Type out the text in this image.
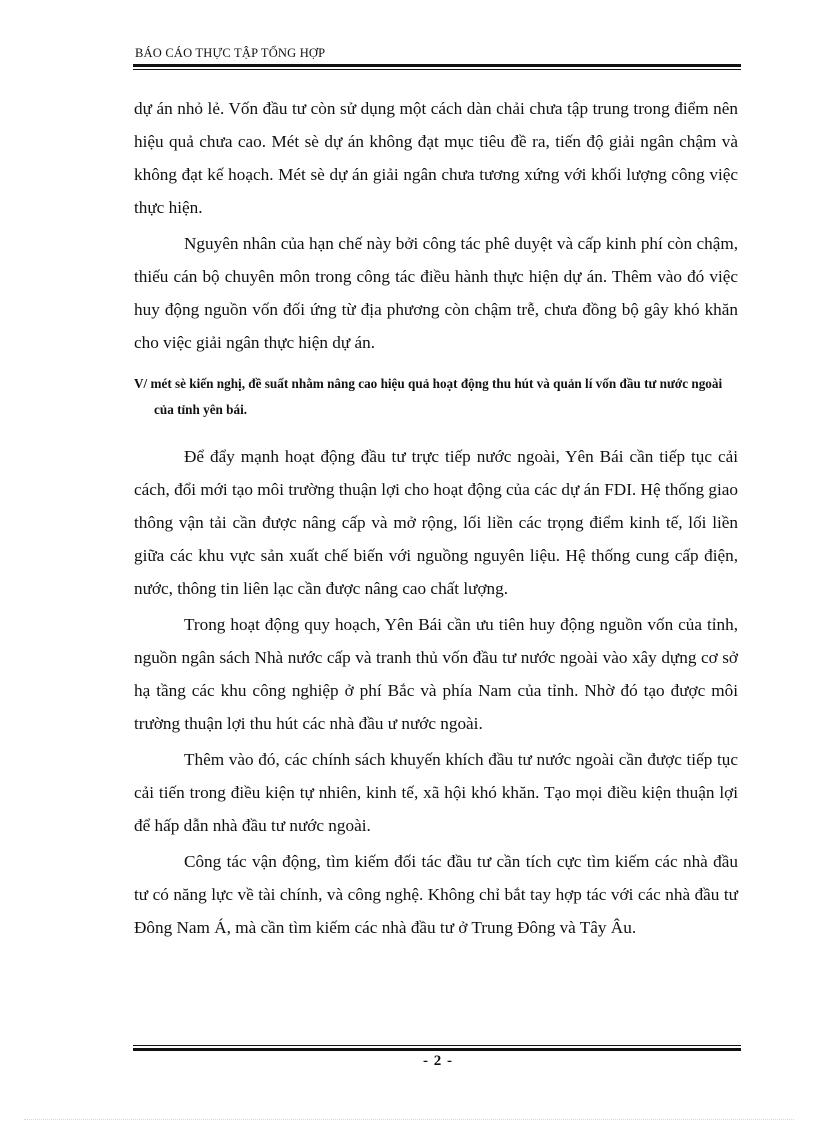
BÁO CÁO THỰC TẬP TỔNG HỢP

dự án nhỏ lẻ. Vốn đầu tư còn sử dụng một cách dàn chải chưa tập trung trong điểm nên hiệu quả chưa cao. Mét sè dự án không đạt mục tiêu đề ra, tiến độ giải ngân chậm và không đạt kế hoạch. Mét sè dự án giải ngân chưa tương xứng với khối lượng công việc thực hiện.

Nguyên nhân của hạn chế này bởi công tác phê duyệt và cấp kinh phí còn chậm, thiếu cán bộ chuyên môn trong công tác điều hành thực hiện dự án. Thêm vào đó việc huy động nguồn vốn đối ứng từ địa phương còn chậm trễ, chưa đồng bộ gây khó khăn cho việc giải ngân thực hiện dự án.

V/ mét sè kiến nghị, đề suất nhằm nâng cao hiệu quả hoạt động thu hút và quản lí vốn đầu tư nước ngoài của tỉnh yên bái.

Để đẩy mạnh hoạt động đầu tư trực tiếp nước ngoài, Yên Bái cần tiếp tục cải cách, đổi mới tạo môi trường thuận lợi cho hoạt động của các dự án FDI. Hệ thống giao thông vận tải cần được nâng cấp và mở rộng, lối liền các trọng điểm kinh tế, lối liền giữa các khu vực sản xuất chế biến với nguồng nguyên liệu. Hệ thống cung cấp điện, nước, thông tin liên lạc cần được nâng cao chất lượng.

Trong hoạt động quy hoạch, Yên Bái cần ưu tiên huy động nguồn vốn của tỉnh, nguồn ngân sách Nhà nước cấp và tranh thủ vốn đầu tư nước ngoài vào xây dựng cơ sở hạ tầng các khu công nghiệp ở phí Bắc và phía Nam của tỉnh. Nhờ đó tạo được môi trường thuận lợi thu hút các nhà đầu ư nước ngoài.

Thêm vào đó, các chính sách khuyến khích đầu tư nước ngoài cần được tiếp tục cải tiến trong điều kiện tự nhiên, kinh tế, xã hội khó khăn. Tạo mọi điều kiện thuận lợi để hấp dẫn nhà đầu tư nước ngoài.

Công tác vận động, tìm kiếm đối tác đầu tư cần tích cực tìm kiếm các nhà đầu tư có năng lực về tài chính, và công nghệ. Không chỉ bắt tay hợp tác với các nhà đầu tư Đông Nam Á, mà cần tìm kiếm các nhà đầu tư ở Trung Đông và Tây Âu.

- 2 -
